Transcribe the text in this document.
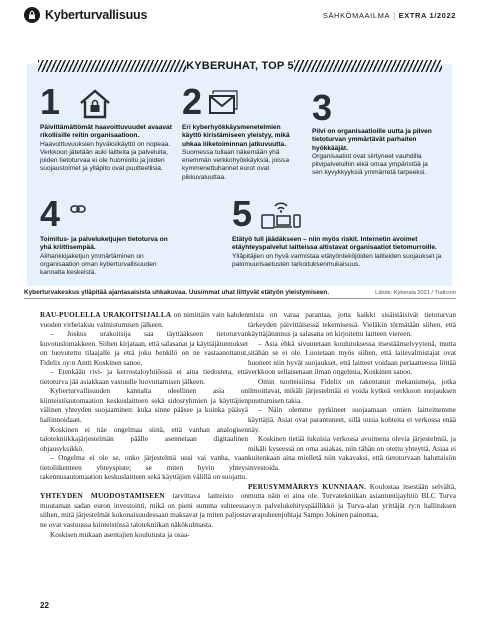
Kyberturvallisuus	SÄHKÖMAAILMA | EXTRA 1/2022
KYBERUHAT, TOP 5
1
Päivittämättömät haavoittuvuudet avaavat rikollisille reitin organisaatioon.
Haavoittuvuuksien hyväksikäyttö on nopeaa. Verkkoon jätetään auki laitteita ja palveluita, joiden tietoturvaa ei ole huomioitu ja joiden suojaustoimet ja ylläpito ovat puutteellisia.
2
Eri kyberhyökkäysmenetelmien käyttö kiristämiseen yleistyy, mikä uhkaa liiketoiminnan jatkuvuutta.
Suomessa tullaan näkemään yhä enemmän verkkohyökkäyksiä, joissa kymmenettuhannet eurot ovat pikkuvaluuttaa.
3
Pilvi on organisaatioille uutta ja pilven tietoturvan ymmärtävät parhaiten hyökkääjät.
Organisaatiot ovat siirtyneet vauhdilla pilvipalveluihin eikä omaa ympäristöä ja sen kyvykkyyksiä ymmärretä tarpeeksi.
4
Toimitus- ja palveluketjujen tietoturva on yhä kriittisempää.
Alihankkijaketjun ymmärtäminen on organisaation oman kyberturvallisuuden kannalta keskeistä.
5
Etätyö tuli jäädäkseen – niin myös riskit. Internetin avoimet etäyhteyspalvelut laitteissa altistavat organisaatiot tietomurroille.
Ylläpitäjien on hyvä varmistaa etätyönteköjöiden laitteiden suojaukset ja palomuurisaetusten tarkoituksenmukaisuus.
Kyberturvakeskus ylläpitää ajantasaisista uhkakuvaa. Uusimmat uhat liittyvät etätyön yleistymiseen.	Lähde: Kyberala 2021 / Traficom

RAU-PUOLELLA URAKOITSIJALLA on nimittäin vain kahden vuoden virhetakuu valmistumisen jälkeen.

– Joskus urakoitsija saa täyttääkseen tietoturvan kuvotuslomakkeen. Siihen kirjataan, että salasanat ja käyttäjätunnukset on luovutettu tilaajalle ja että joku henkilö on ne vastaanottanut, Fidelix oy:n Antti Koskinen sanoo.

– Etenkään rivi- ja kerrostaloyhtiöissä ei aina tiedosteta, että tietoturva jää asiakkaan vastuulle luovuttamisen jälkeen.

Kyberturvallisuuden kannalta oleellinen asia on kiinteistöautomaation keskuslaitteen sekä sidosryhmien ja käyttäjien välinen yhteyden suojaaminen: kuka sinne pääsee ja kuinka pääsyä hallinnoidaan.

Koskinen ei näe ongelmaa siinä, että vanhan analogisen talotekniikkajärjestelmän päälle asennetaan digitaalinen ohjausyksikkö.

– Ongelma ei ole se, onko järjestelmä uusi vai vanha, vaan tietoliikenteen yhteyspiste; se miten hyvin yhteys rakennusautomaation keskuslaitteen sekä käyttäjien välillä on suojattu.

YHTEYDEN MUODOSTAMISEEN tarvittava laitteisto on muutaman sadan euron investointi, mikä on pieni summa suhteessa siihen, mitä järjestelmät kokonaisuudessaan maksavat ja miten paljosta ne ovat vastuussa kiinteistössä talotekniikan näkökulmasta.

Koskisen mukaan asentajien koulutusta ja osaa-

mista on varaa parantaa, jotta kaikki sisäistäisivät tietoturvan tärkeyden päivittäisessä tekemisessä. Vieläkin törmätään siihen, että käyttäjätunnus ja salasana on kirjoitettu laitteen viereen.

– Asia ehkä sivuutetaan koulutuksessa itsestäänselvyytenä, mutta sitähän se ei ole. Luotetaan myös siihen, että laitevalmistajat ovat huoneet niin hyvät suojaukset, että laitteet voidaan periaatteessa liittää verkkoon sellaisenaan ilman ongelmia, Koskinen sanoo.

Omin tuotteisiinsa Fidelix on rakentanut mekanismeja, jotka ilmoittavat, mikäli järjestelmää ei voida kytkeä verkkoon suojauksen puuttumisen takia.

– Näin olemme pyrkineet suojaamaan omien laitteittemme käyttäjiä. Asiat ovat parantuneet, sillä uusia kohteita ei verkossa enää näy.

Koskinen tietää lukuisia verkossa avoimena olevia järjestelmiä, ja mikäli kyseessä on oma asiakas, niin tähän on otettu yhteyttä. Asiaa ei kuitenkaan aina mielletä niin vakavaksi, että tietoturvaan haluttaisiin investoida.

PERUSYMMÄRRYS KUNNIAAN. Koulostaa itsestään selvältä, mutta näin ei aina ole. Turvatekniikan asiantuntijayhtiö BLC Turva oy:n palvelukehityspäällikkö ja Turva-alan yrittäjät ry:n hallituksen varapuheenjohtaja Sampo Jokinen painottaa,

22
